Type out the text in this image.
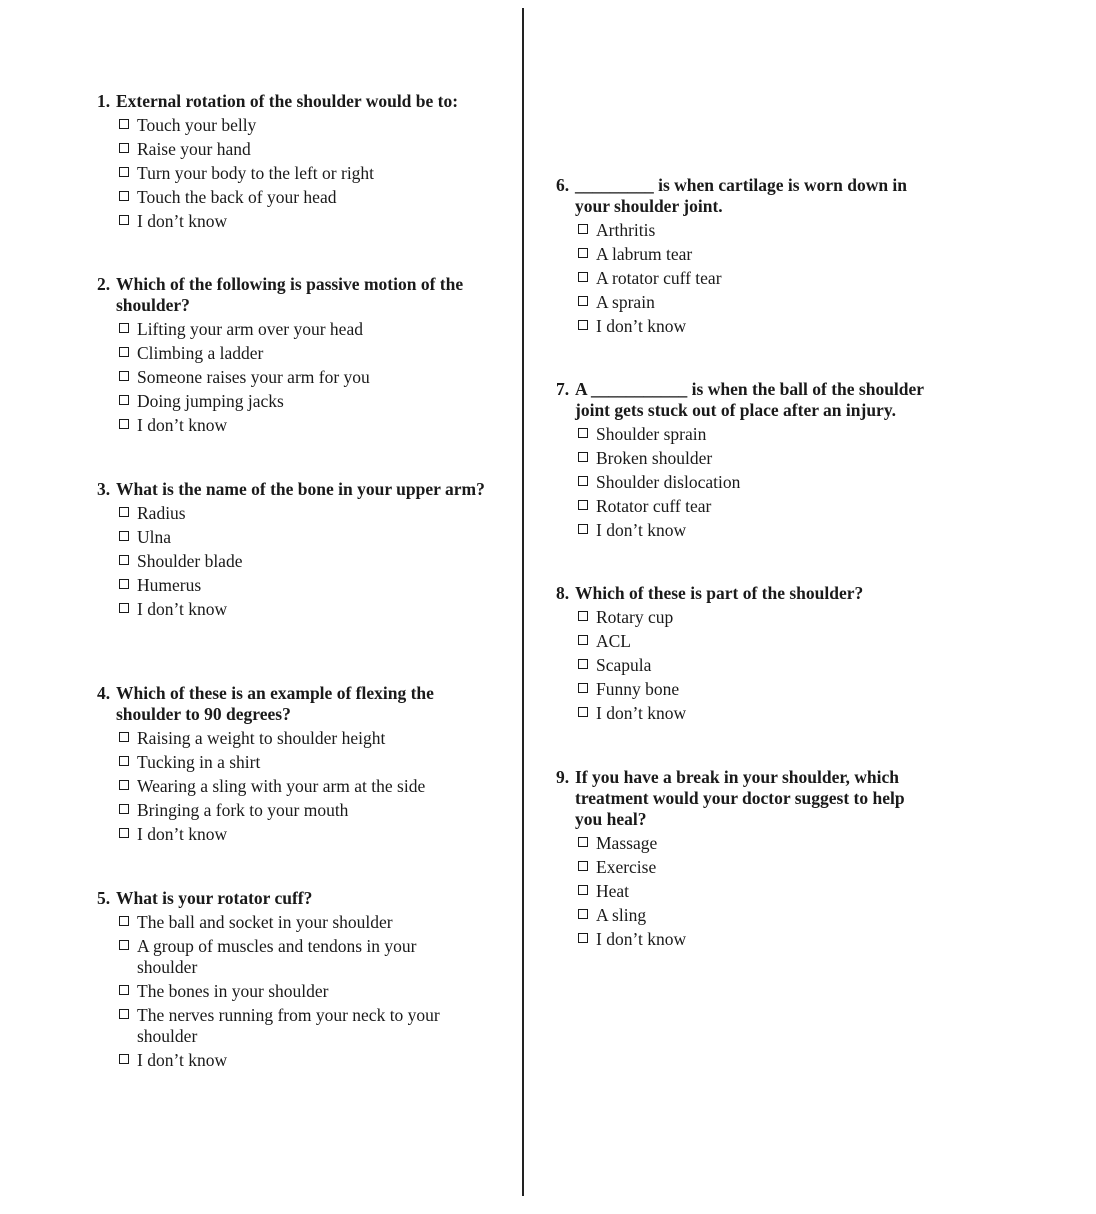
1. External rotation of the shoulder would be to:
Touch your belly
Raise your hand
Turn your body to the left or right
Touch the back of your head
I don’t know
2. Which of the following is passive motion of the shoulder?
Lifting your arm over your head
Climbing a ladder
Someone raises your arm for you
Doing jumping jacks
I don’t know
3. What is the name of the bone in your upper arm?
Radius
Ulna
Shoulder blade
Humerus
I don’t know
4. Which of these is an example of flexing the shoulder to 90 degrees?
Raising a weight to shoulder height
Tucking in a shirt
Wearing a sling with your arm at the side
Bringing a fork to your mouth
I don’t know
5. What is your rotator cuff?
The ball and socket in your shoulder
A group of muscles and tendons in your shoulder
The bones in your shoulder
The nerves running from your neck to your shoulder
I don’t know
6. _________ is when cartilage is worn down in your shoulder joint.
Arthritis
A labrum tear
A rotator cuff tear
A sprain
I don’t know
7. A ___________ is when the ball of the shoulder joint gets stuck out of place after an injury.
Shoulder sprain
Broken shoulder
Shoulder dislocation
Rotator cuff tear
I don’t know
8. Which of these is part of the shoulder?
Rotary cup
ACL
Scapula
Funny bone
I don’t know
9. If you have a break in your shoulder, which treatment would your doctor suggest to help you heal?
Massage
Exercise
Heat
A sling
I don’t know
